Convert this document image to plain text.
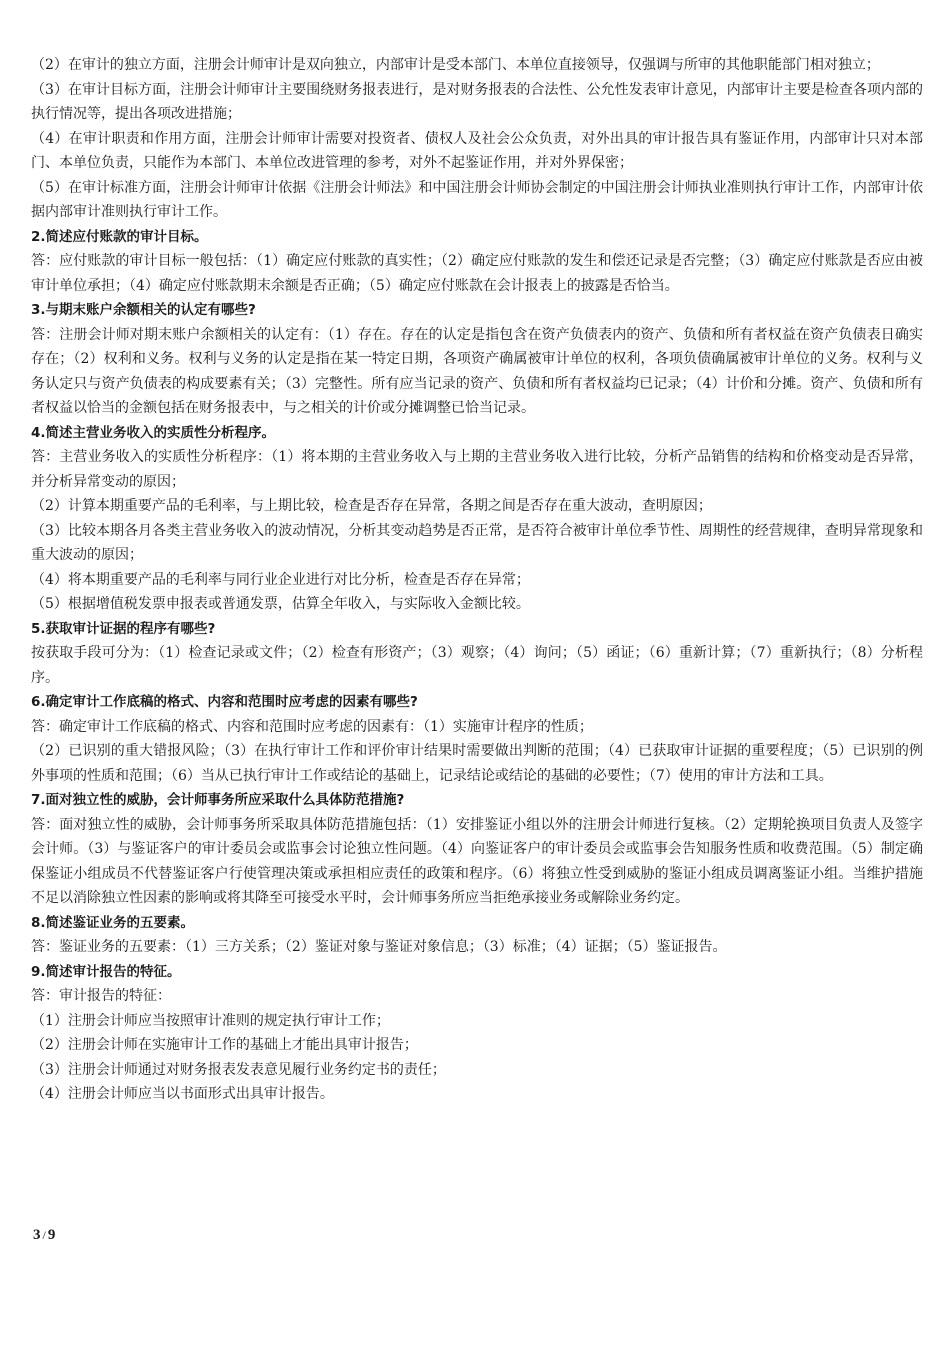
（2）在审计的独立方面，注册会计师审计是双向独立，内部审计是受本部门、本单位直接领导，仅强调与所审的其他职能部门相对独立；

（3）在审计目标方面，注册会计师审计主要围绕财务报表进行，是对财务报表的合法性、公允性发表审计意见，内部审计主要是检查各项内部的执行情况等，提出各项改进措施；

（4）在审计职责和作用方面，注册会计师审计需要对投资者、债权人及社会公众负责，对外出具的审计报告具有鉴证作用，内部审计只对本部门、本单位负责，只能作为本部门、本单位改进管理的参考，对外不起鉴证作用，并对外界保密；

（5）在审计标准方面，注册会计师审计依据《注册会计师法》和中国注册会计师协会制定的中国注册会计师执业准则执行审计工作，内部审计依据内部审计准则执行审计工作。

2.简述应付账款的审计目标。

答：应付账款的审计目标一般包括：（1）确定应付账款的真实性；（2）确定应付账款的发生和偿还记录是否完整；（3）确定应付账款是否应由被审计单位承担；（4）确定应付账款期末余额是否正确；（5）确定应付账款在会计报表上的披露是否恰当。

3.与期末账户余额相关的认定有哪些?

答：注册会计师对期末账户余额相关的认定有：（1）存在。存在的认定是指包含在资产负债表内的资产、负债和所有者权益在资产负债表日确实存在；（2）权利和义务。权利与义务的认定是指在某一特定日期，各项资产确属被审计单位的权利，各项负债确属被审计单位的义务。权利与义务认定只与资产负债表的构成要素有关；（3）完整性。所有应当记录的资产、负债和所有者权益均已记录；（4）计价和分摊。资产、负债和所有者权益以恰当的金额包括在财务报表中，与之相关的计价或分摊调整已恰当记录。

4.简述主营业务收入的实质性分析程序。

答：主营业务收入的实质性分析程序：（1）将本期的主营业务收入与上期的主营业务收入进行比较，分析产品销售的结构和价格变动是否异常，并分析异常变动的原因；

（2）计算本期重要产品的毛利率，与上期比较，检查是否存在异常，各期之间是否存在重大波动，查明原因；

（3）比较本期各月各类主营业务收入的波动情况，分析其变动趋势是否正常，是否符合被审计单位季节性、周期性的经营规律，查明异常现象和重大波动的原因；

（4）将本期重要产品的毛利率与同行业企业进行对比分析，检查是否存在异常；

（5）根据增值税发票申报表或普通发票，估算全年收入，与实际收入金额比较。

5.获取审计证据的程序有哪些?

按获取手段可分为：（1）检查记录或文件；（2）检查有形资产；（3）观察；（4）询问；（5）函证；（6）重新计算；（7）重新执行；（8）分析程序。

6.确定审计工作底稿的格式、内容和范围时应考虑的因素有哪些?

答：确定审计工作底稿的格式、内容和范围时应考虑的因素有：（1）实施审计程序的性质；

（2）已识别的重大错报风险；（3）在执行审计工作和评价审计结果时需要做出判断的范围；（4）已获取审计证据的重要程度；（5）已识别的例外事项的性质和范围；（6）当从已执行审计工作或结论的基础上，记录结论或结论的基础的必要性；（7）使用的审计方法和工具。

7.面对独立性的威胁，会计师事务所应采取什么具体防范措施?

答：面对独立性的威胁，会计师事务所采取具体防范措施包括：（1）安排鉴证小组以外的注册会计师进行复核。（2）定期轮换项目负责人及签字会计师。（3）与鉴证客户的审计委员会或监事会讨论独立性问题。（4）向鉴证客户的审计委员会或监事会告知服务性质和收费范围。（5）制定确保鉴证小组成员不代替鉴证客户行使管理决策或承担相应责任的政策和程序。（6）将独立性受到威胁的鉴证小组成员调离鉴证小组。当维护措施不足以消除独立性因素的影响或将其降至可接受水平时，会计师事务所应当拒绝承接业务或解除业务约定。

8.简述鉴证业务的五要素。

答：鉴证业务的五要素：（1）三方关系；（2）鉴证对象与鉴证对象信息；（3）标准；（4）证据；（5）鉴证报告。

9.简述审计报告的特征。

答：审计报告的特征：

（1）注册会计师应当按照审计准则的规定执行审计工作；

（2）注册会计师在实施审计工作的基础上才能出具审计报告；

（3）注册会计师通过对财务报表发表意见履行业务约定书的责任；

（4）注册会计师应当以书面形式出具审计报告。

3/9
